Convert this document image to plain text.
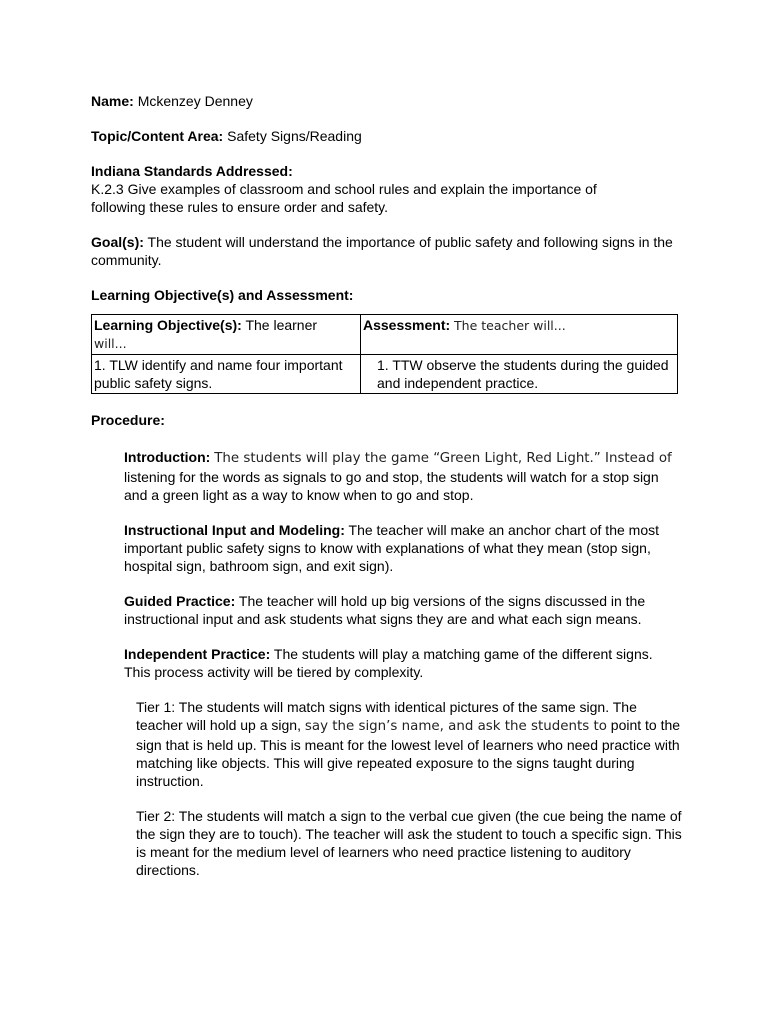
Name: Mckenzey Denney

Topic/Content Area: Safety Signs/Reading

Indiana Standards Addressed:

K.2.3 Give examples of classroom and school rules and explain the importance of following these rules to ensure order and safety.

Goal(s): The student will understand the importance of public safety and following signs in the community.

Learning Objective(s) and Assessment:

Learning Objective(s): The learner
will...	Assessment: The teacher will...
1. TLW identify and name four important public safety signs.	1. TTW observe the students during the guided and independent practice.

Procedure:

Introduction: The students will play the game “Green Light, Red Light.” Instead of listening for the words as signals to go and stop, the students will watch for a stop sign and a green light as a way to know when to go and stop.

Instructional Input and Modeling: The teacher will make an anchor chart of the most important public safety signs to know with explanations of what they mean (stop sign, hospital sign, bathroom sign, and exit sign).

Guided Practice: The teacher will hold up big versions of the signs discussed in the instructional input and ask students what signs they are and what each sign means.

Independent Practice: The students will play a matching game of the different signs. This process activity will be tiered by complexity.

Tier 1: The students will match signs with identical pictures of the same sign. The teacher will hold up a sign, say the sign’s name, and ask the students to point to the sign that is held up. This is meant for the lowest level of learners who need practice with matching like objects. This will give repeated exposure to the signs taught during instruction.

Tier 2: The students will match a sign to the verbal cue given (the cue being the name of the sign they are to touch). The teacher will ask the student to touch a specific sign. This is meant for the medium level of learners who need practice listening to auditory directions.
